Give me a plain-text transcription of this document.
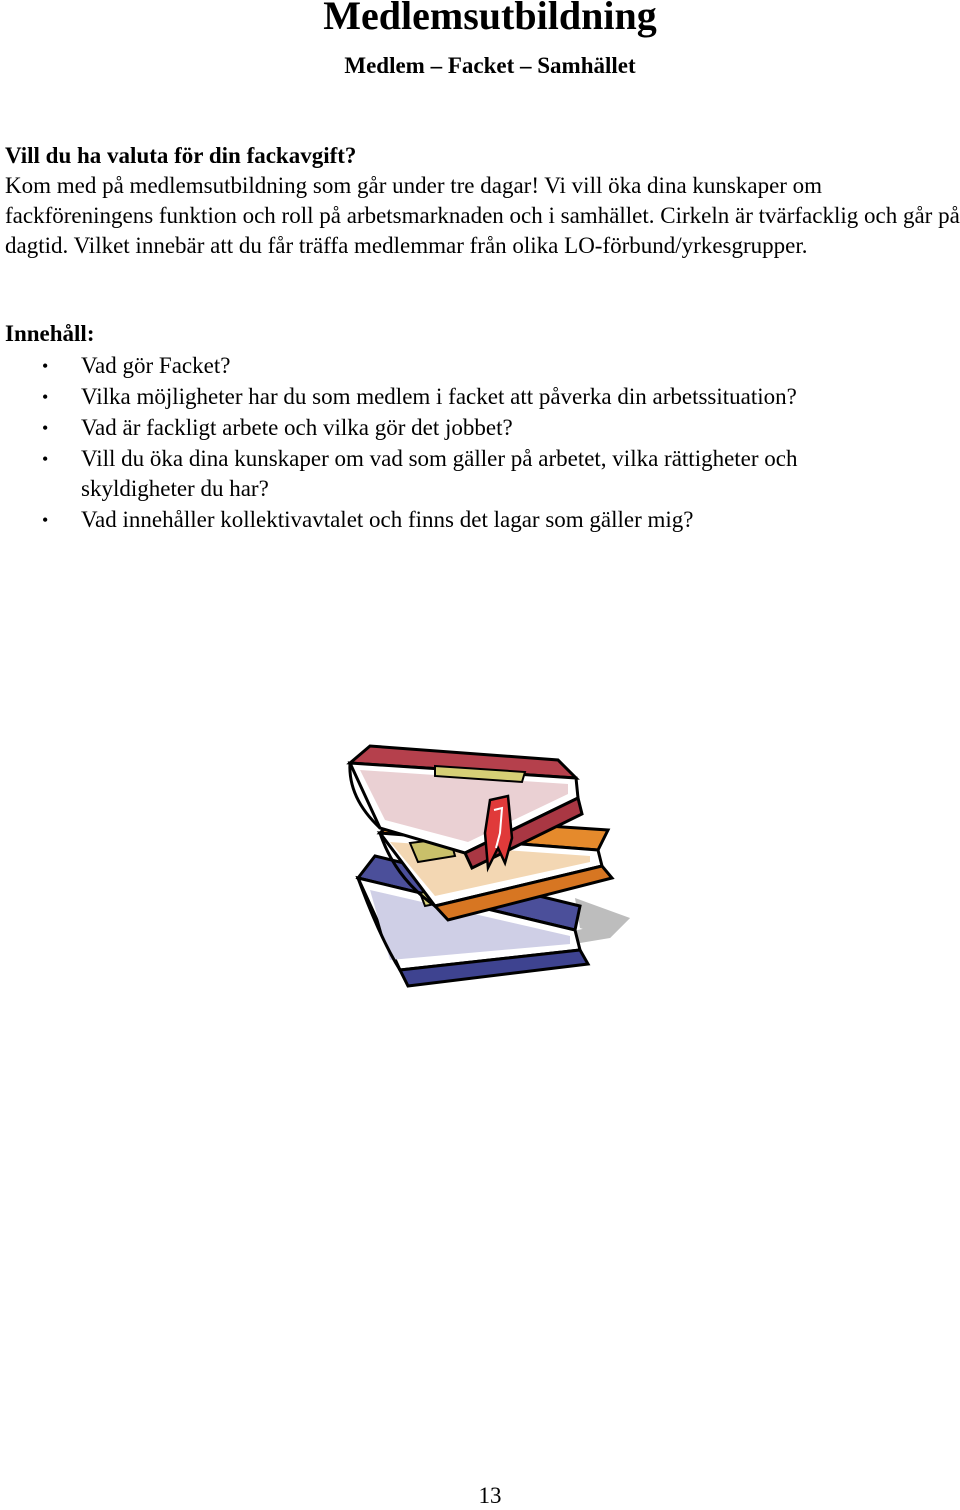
Medlemsutbildning
Medlem – Facket – Samhället

Vill du ha valuta för din fackavgift?

Kom med på medlemsutbildning som går under tre dagar! Vi vill öka dina kunskaper om fackföreningens funktion och roll på arbetsmarknaden och i samhället. Cirkeln är tvärfacklig och går på dagtid. Vilket innebär att du får träffa medlemmar från olika LO-förbund/yrkesgrupper.

Innehåll:

• Vad gör Facket?
• Vilka möjligheter har du som medlem i facket att påverka din arbetssituation?
• Vad är fackligt arbete och vilka gör det jobbet?
• Vill du öka dina kunskaper om vad som gäller på arbetet, vilka rättigheter och skyldigheter du har?
• Vad innehåller kollektivavtalet och finns det lagar som gäller mig?

13
